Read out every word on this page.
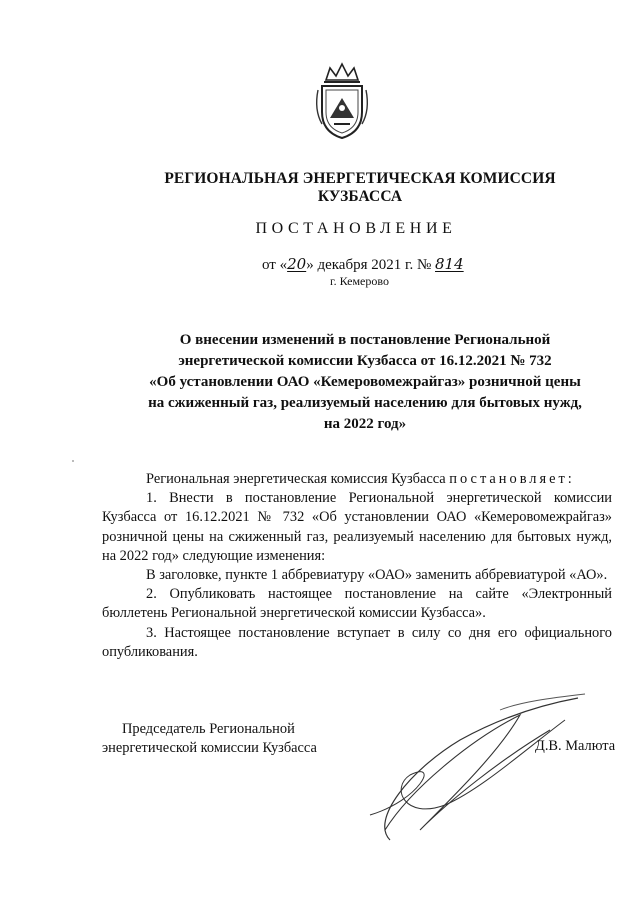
РЕГИОНАЛЬНАЯ ЭНЕРГЕТИЧЕСКАЯ КОМИССИЯ
КУЗБАССА
ПОСТАНОВЛЕНИЕ
от «20» декабря 2021 г. № 814
г. Кемерово
О внесении изменений в постановление Региональной
энергетической комиссии Кузбасса от 16.12.2021 № 732
«Об установлении ОАО «Кемеровомежрайгаз» розничной цены
на сжиженный газ, реализуемый населению для бытовых нужд,
на 2022 год»

Региональная энергетическая комиссия Кузбасса постановляет:

1. Внести в постановление Региональной энергетической комиссии Кузбасса от 16.12.2021 № 732 «Об установлении ОАО «Кемеровомежрайгаз» розничной цены на сжиженный газ, реализуемый населению для бытовых нужд, на 2022 год» следующие изменения:

В заголовке, пункте 1 аббревиатуру «ОАО» заменить аббревиатурой «АО».

2. Опубликовать настоящее постановление на сайте «Электронный бюллетень Региональной энергетической комиссии Кузбасса».

3. Настоящее постановление вступает в силу со дня его официального опубликования.

Председатель Региональной
энергетической комиссии Кузбасса	Д.В. Малюта
